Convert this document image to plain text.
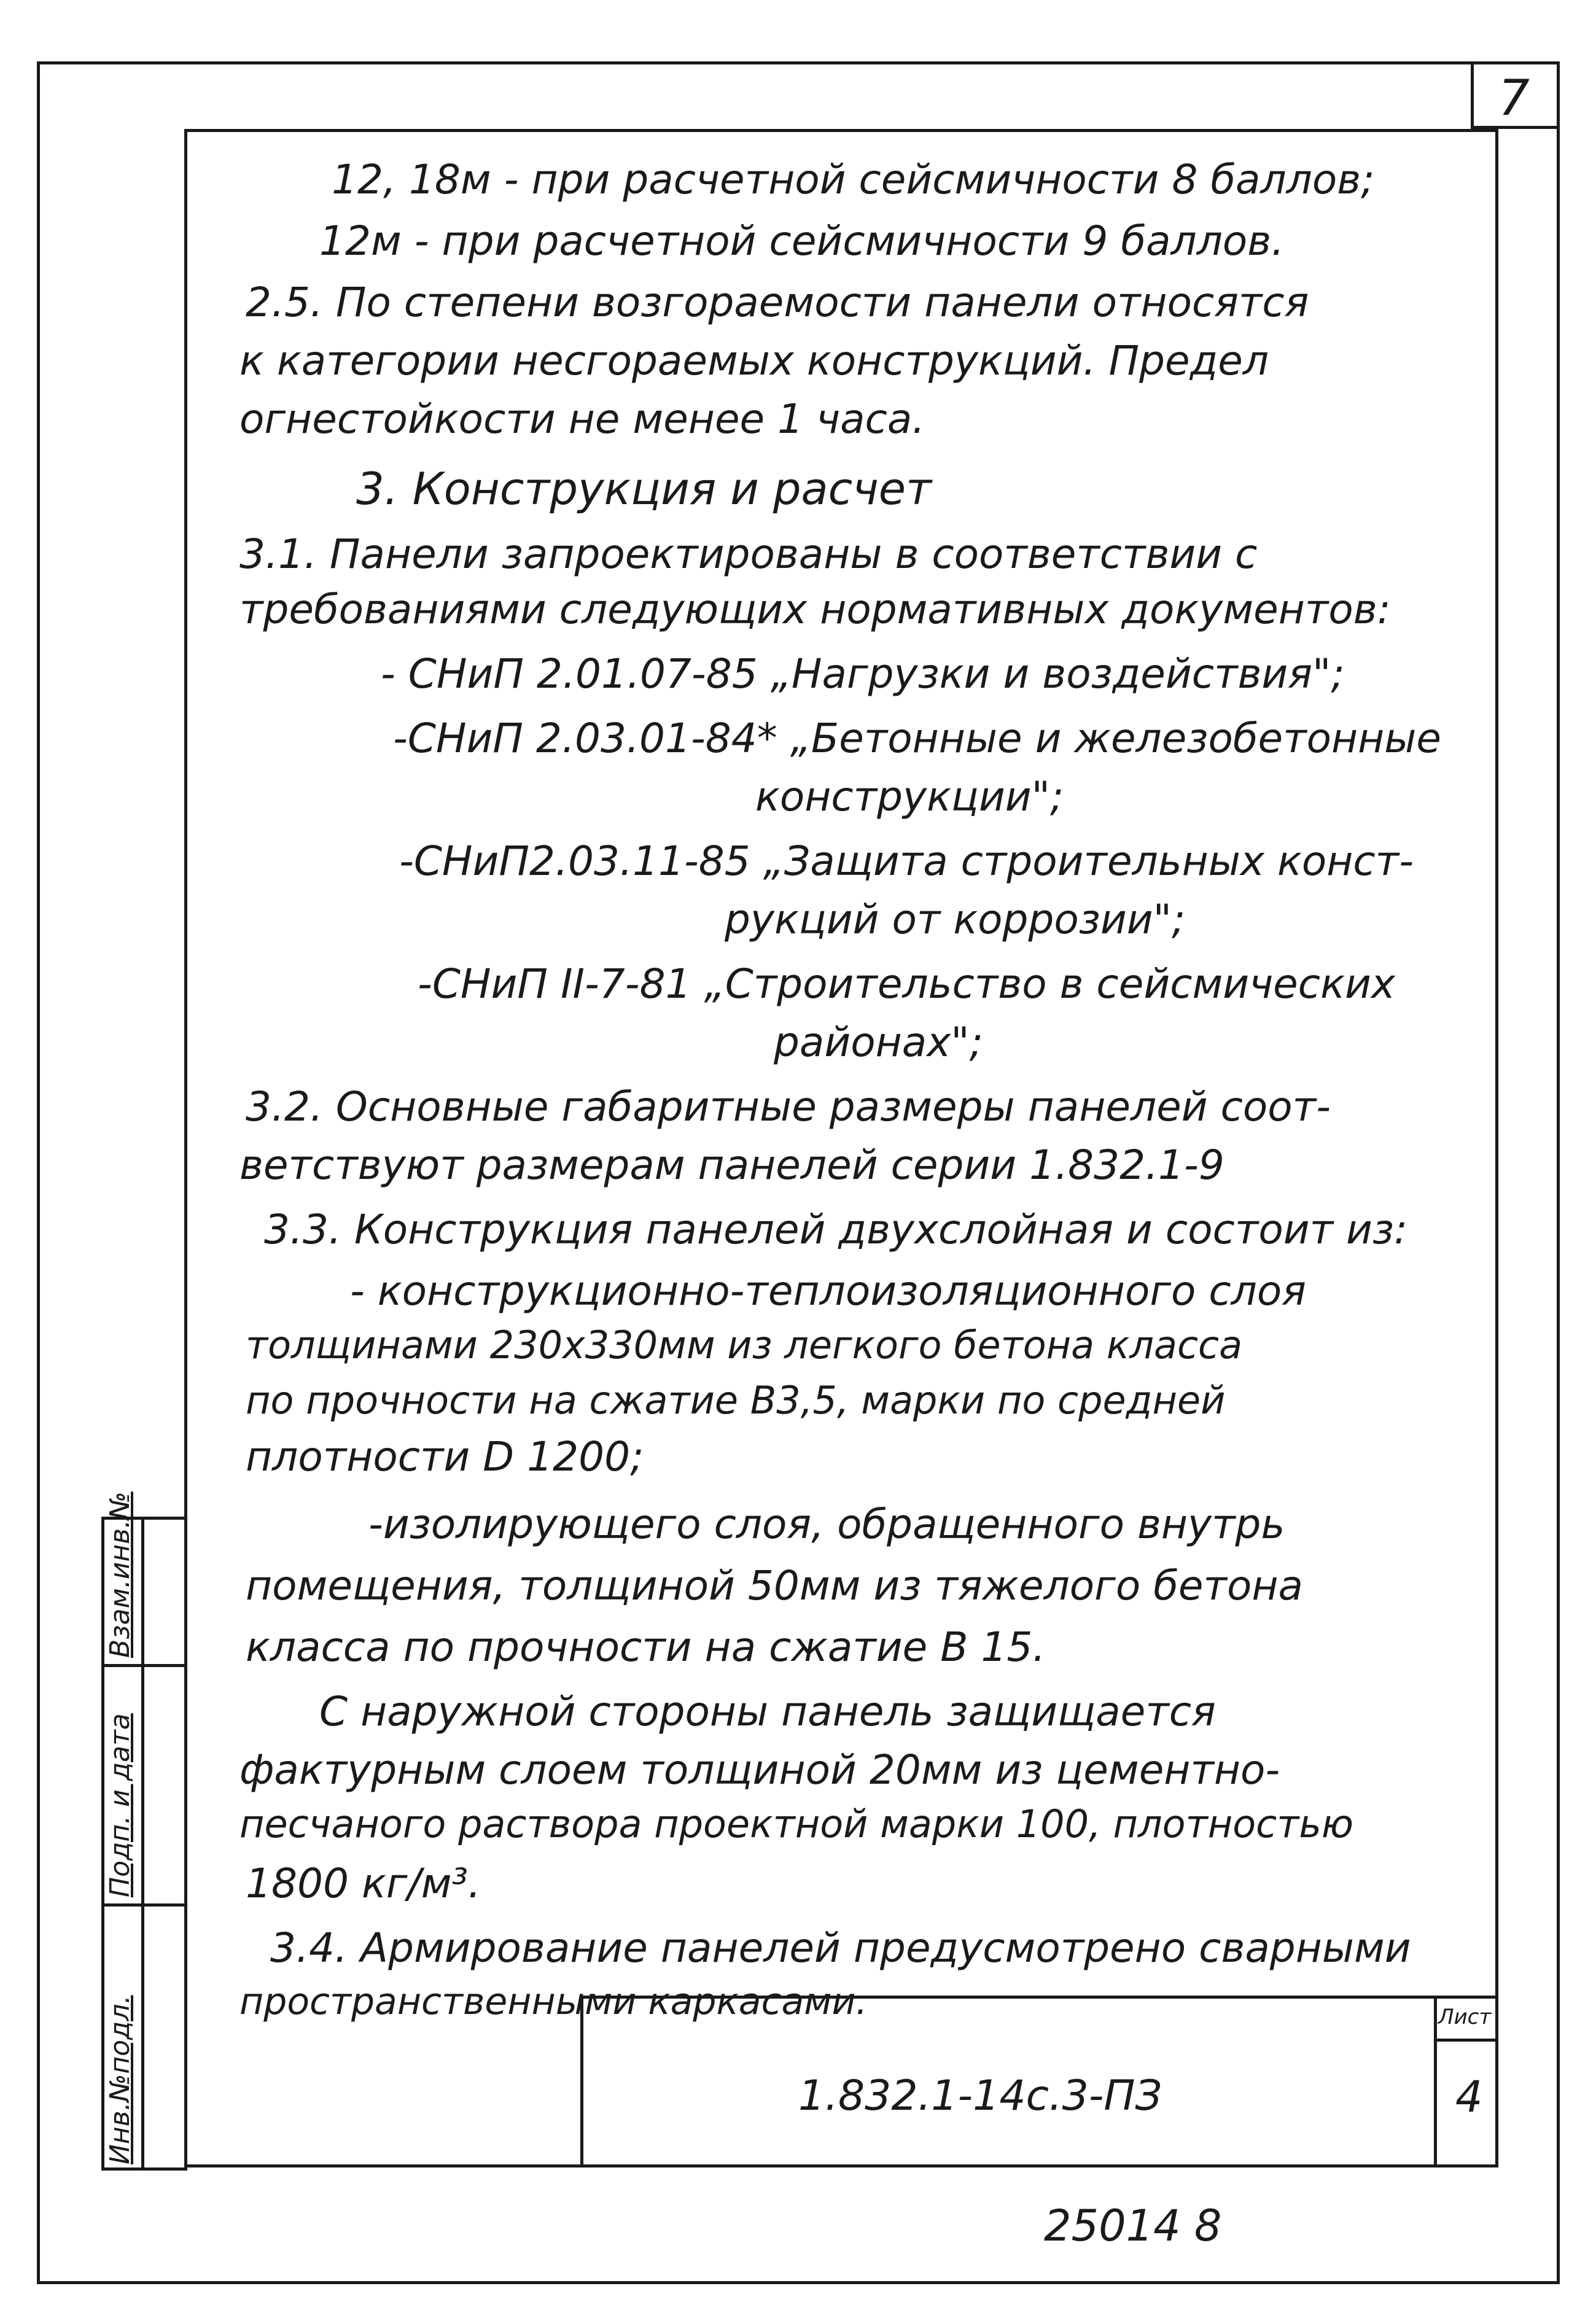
7
Взам.инв.№
Подп. и дата
Инв.№подл.	1.832.1-14с.3-ПЗ
Лист
4
25014 8
12, 18м - при расчетной сейсмичности 8 баллов;
12м - при расчетной сейсмичности 9 баллов.
2.5. По степени возгораемости панели относятся
к категории несгораемых конструкций. Предел
огнестойкости не менее 1 часа.
3. Конструкция и расчет
3.1. Панели запроектированы в соответствии с
требованиями следующих нормативных документов:
- СНиП 2.01.07-85 „Нагрузки и воздействия";
-СНиП 2.03.01-84* „Бетонные и железобетонные
конструкции";
-СНиП2.03.11-85 „Защита строительных конст-
рукций от коррозии";
-СНиП II-7-81 „Строительство в сейсмических
районах";
3.2. Основные габаритные размеры панелей соот-
ветствуют размерам панелей серии 1.832.1-9
3.3. Конструкция панелей двухслойная и состоит из:
- конструкционно-теплоизоляционного слоя
толщинами 230х330мм из легкого бетона класса
по прочности на сжатие В3,5, марки по средней
плотности D 1200;
-изолирующего слоя, обращенного внутрь
помещения, толщиной 50мм из тяжелого бетона
класса по прочности на сжатие В 15.
С наружной стороны панель защищается
фактурным слоем толщиной 20мм из цементно-
песчаного раствора проектной марки 100, плотностью
1800 кг/м³.
3.4. Армирование панелей предусмотрено сварными
пространственными каркасами.
